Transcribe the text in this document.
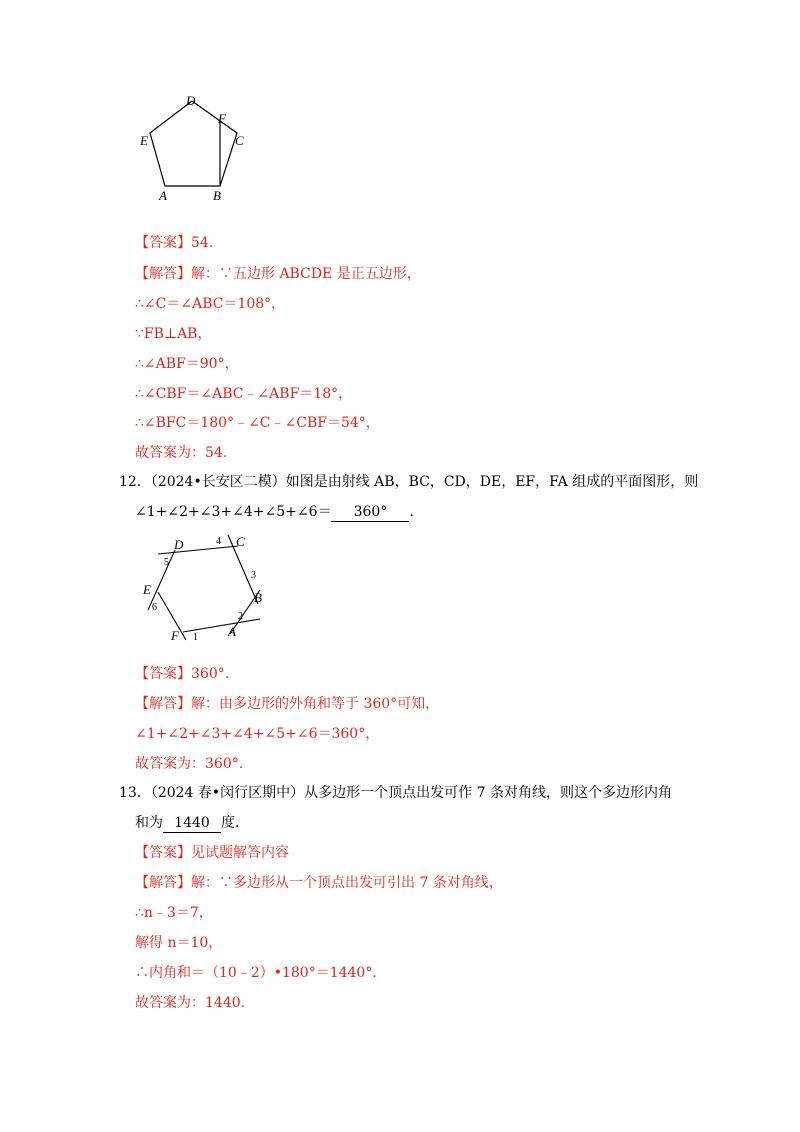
D
E
F
C
A	B
【答案】54.
【解答】解：∵五边形 ABCDE 是正五边形，
∴∠C＝∠ABC＝108°，
∵FB⊥AB，
∴∠ABF＝90°，
∴∠CBF＝∠ABC﹣∠ABF＝18°，
∴∠BFC＝180°﹣∠C﹣∠CBF＝54°，
故答案为：54.
12．（2024•长安区二模）如图是由射线 AB，BC，CD，DE，EF，FA 组成的平面图形，则
∠1+∠2+∠3+∠4+∠5+∠6＝ 360° ．
D	C
E
B
F	A
4
5
3
6
2
1
【答案】360°.
【解答】解：由多边形的外角和等于 360°可知，
∠1+∠2+∠3+∠4+∠5+∠6＝360°，
故答案为：360°.
13．（2024 春•闵行区期中）从多边形一个顶点出发可作 7 条对角线，则这个多边形内角
和为 1440 度．
【答案】见试题解答内容
【解答】解：∵多边形从一个顶点出发可引出 7 条对角线，
∴n﹣3＝7，
解得 n＝10，
∴内角和＝（10﹣2）•180°＝1440°．
故答案为：1440．
